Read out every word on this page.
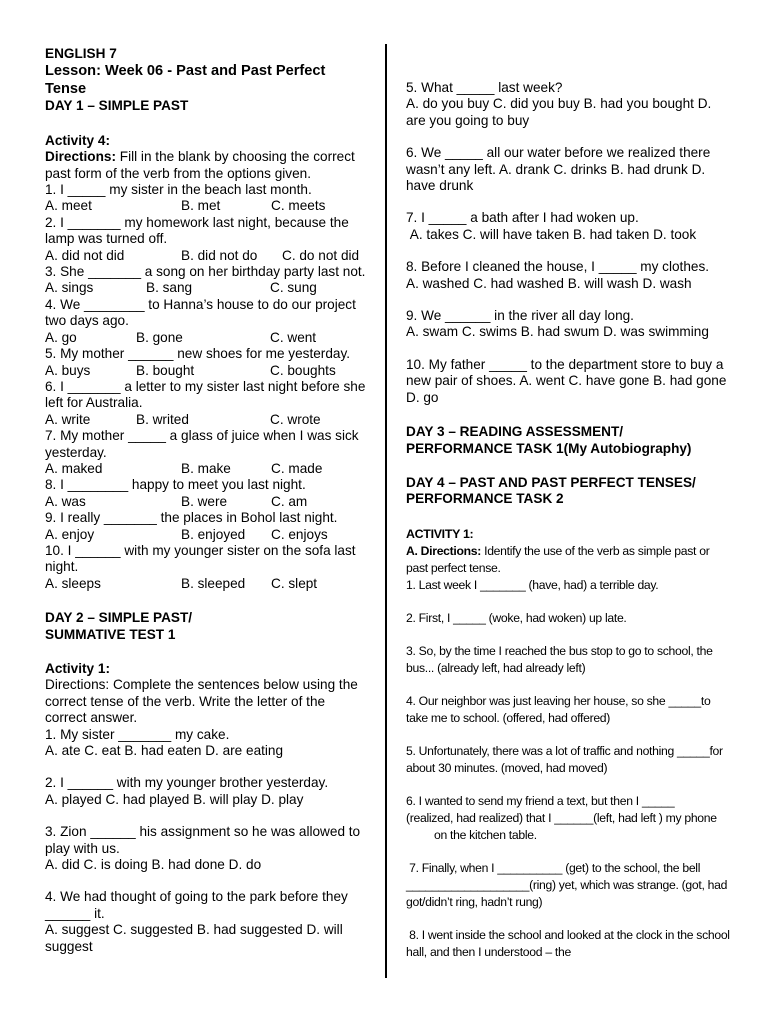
ENGLISH 7
Lesson: Week 06 - Past and Past Perfect Tense
DAY 1 – SIMPLE PAST
Activity 4:
Directions: Fill in the blank by choosing the correct past form of the verb from the options given.
1. I _____ my sister in the beach last month.
A. meet	B. met	C. meets
2. I _______ my homework last night, because the lamp was turned off.
A. did not did	B. did not do	C. do not did
3. She _______ a song on her birthday party last not.
A. sings	B. sang	C. sung
4. We ________ to Hanna’s house to do our project two days ago.
A. go	B. gone	C. went
5. My mother ______ new shoes for me yesterday.
A. buys	B. bought	C. boughts
6. I _______ a letter to my sister last night before she left for Australia.
A. write	B. writed	C. wrote
7. My mother _____ a glass of juice when I was sick yesterday.
A. maked	B. make	C. made
8. I ________ happy to meet you last night.
A. was	B. were	C. am
9. I really _______ the places in Bohol last night.
A. enjoy	B. enjoyed	C. enjoys
10. I ______ with my younger sister on the sofa last night.
A. sleeps	B. sleeped	C. slept
DAY 2 – SIMPLE PAST/
SUMMATIVE TEST 1
Activity 1:
Directions: Complete the sentences below using the correct tense of the verb. Write the letter of the correct answer.
1. My sister _______ my cake.
A. ate C. eat B. had eaten D. are eating
2. I ______ with my younger brother yesterday.
A. played C. had played B. will play D. play
3. Zion ______ his assignment so he was allowed to play with us.
A. did C. is doing B. had done D. do
4. We had thought of going to the park before they ______ it.
A. suggest C. suggested B. had suggested D. will suggest
5. What _____ last week?
A. do you buy C. did you buy B. had you bought D. are you going to buy
6. We _____ all our water before we realized there wasn’t any left. A. drank C. drinks B. had drunk D. have drunk
7. I _____ a bath after I had woken up.
A. takes C. will have taken B. had taken D. took
8. Before I cleaned the house, I _____ my clothes.
A. washed C. had washed B. will wash D. wash
9. We ______ in the river all day long.
A. swam C. swims B. had swum D. was swimming
10. My father _____ to the department store to buy a new pair of shoes. A. went C. have gone B. had gone D. go
DAY 3 – READING ASSESSMENT/
PERFORMANCE TASK 1(My Autobiography)
DAY 4 – PAST AND PAST PERFECT TENSES/
PERFORMANCE TASK 2
ACTIVITY 1:
A. Directions: Identify the use of the verb as simple past or past perfect tense.
1. Last week I _______ (have, had) a terrible day.
2. First, I _____ (woke, had woken) up late.
3. So, by the time I reached the bus stop to go to school, the bus... (already left, had already left)
4. Our neighbor was just leaving her house, so she _____to take me to school. (offered, had offered)
5. Unfortunately, there was a lot of traffic and nothing _____for about 30 minutes. (moved, had moved)
6. I wanted to send my friend a text, but then I _____
(realized, had realized) that I ______(left, had left ) my phone
on the kitchen table.
7. Finally, when I __________ (get) to the school, the bell ___________________(ring) yet, which was strange. (got, had got/didn’t ring, hadn’t rung)
8. I went inside the school and looked at the clock in the school hall, and then I understood – the
